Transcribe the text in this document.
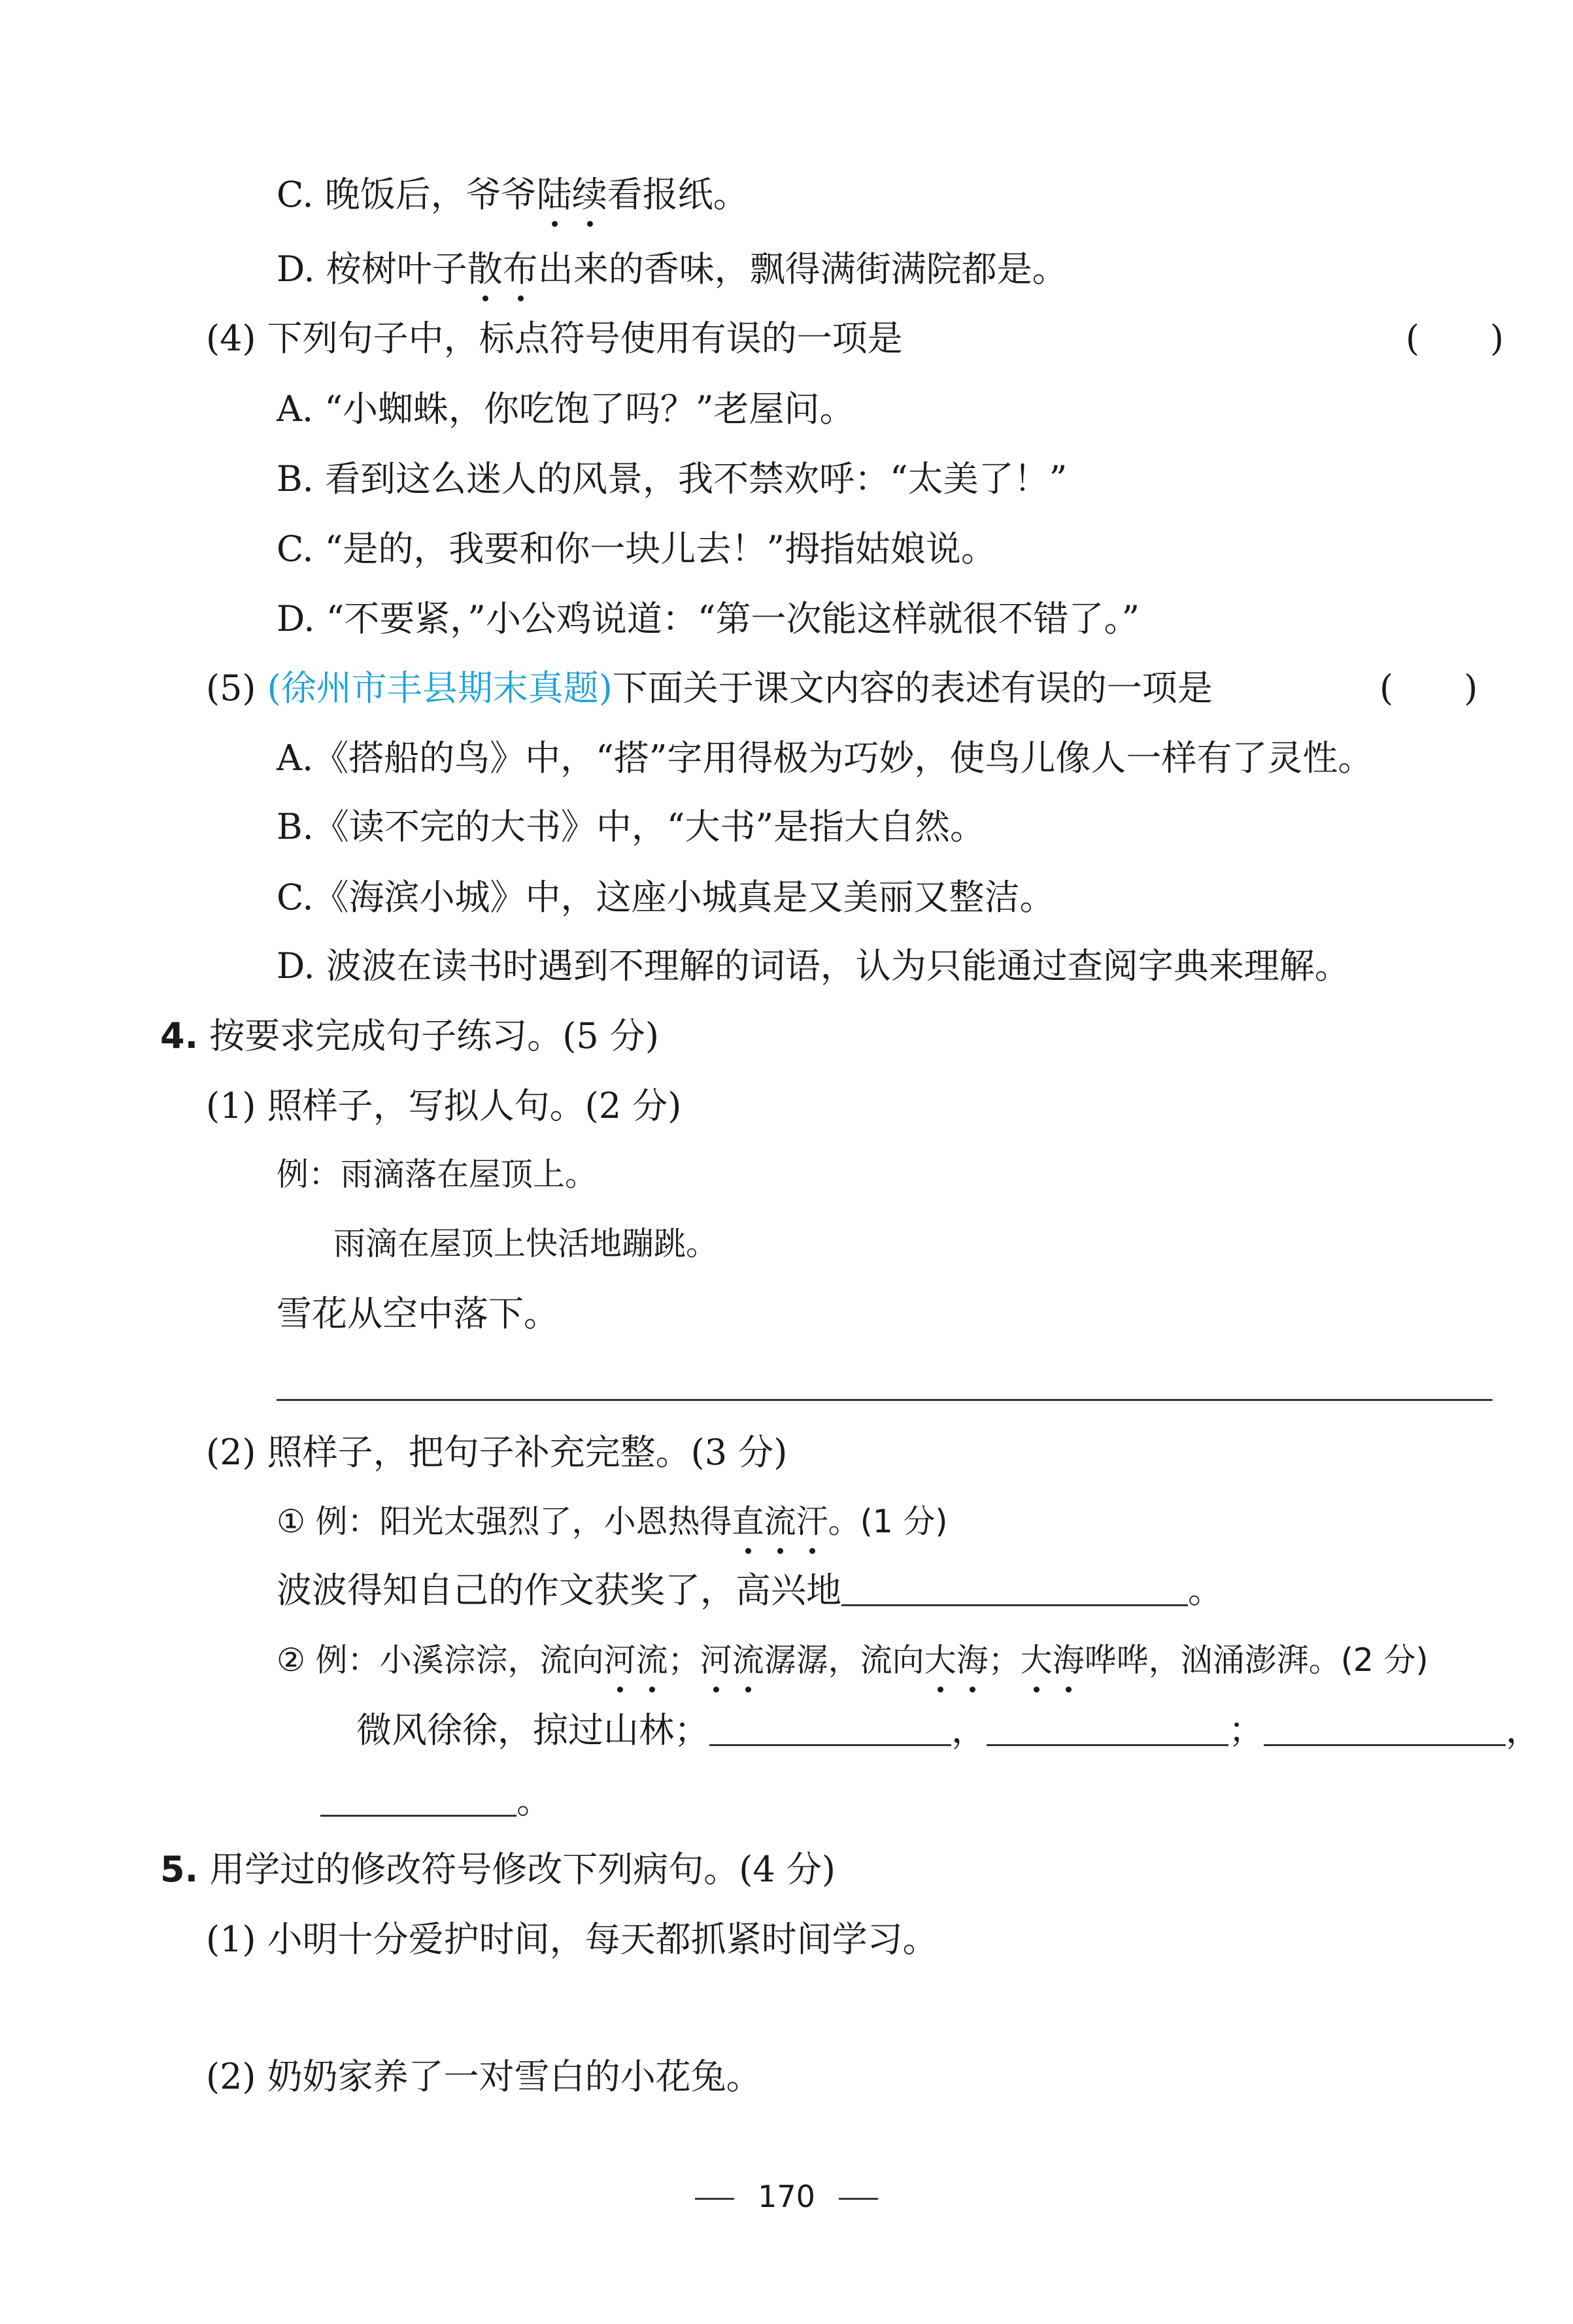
C. 晚饭后，爷爷陆续看报纸。
D. 桉树叶子散布出来的香味，飘得满街满院都是。
(4) 下列句子中，标点符号使用有误的一项是	(　　)
A. “小蜘蛛，你吃饱了吗？”老屋问。
B. 看到这么迷人的风景，我不禁欢呼：“太美了！”
C. “是的，我要和你一块儿去！”拇指姑娘说。
D. “不要紧，”小公鸡说道：“第一次能这样就很不错了。”
(5) (徐州市丰县期末真题)下面关于课文内容的表述有误的一项是	(　　)
A.《搭船的鸟》中，“搭”字用得极为巧妙，使鸟儿像人一样有了灵性。
B.《读不完的大书》中，“大书”是指大自然。
C.《海滨小城》中，这座小城真是又美丽又整洁。
D. 波波在读书时遇到不理解的词语，认为只能通过查阅字典来理解。
4. 按要求完成句子练习。(5 分)
(1) 照样子，写拟人句。(2 分)
例：雨滴落在屋顶上。
雨滴在屋顶上快活地蹦跳。
雪花从空中落下。
(2) 照样子，把句子补充完整。(3 分)
① 例：阳光太强烈了，小恩热得直流汗。(1 分)
波波得知自己的作文获奖了，高兴地	。
② 例：小溪淙淙，流向河流；河流潺潺，流向大海；大海哗哗，汹涌澎湃。(2 分)
微风徐徐，掠过山林；	，	；	，
。
5. 用学过的修改符号修改下列病句。(4 分)
(1) 小明十分爱护时间，每天都抓紧时间学习。
(2) 奶奶家养了一对雪白的小花兔。
170
